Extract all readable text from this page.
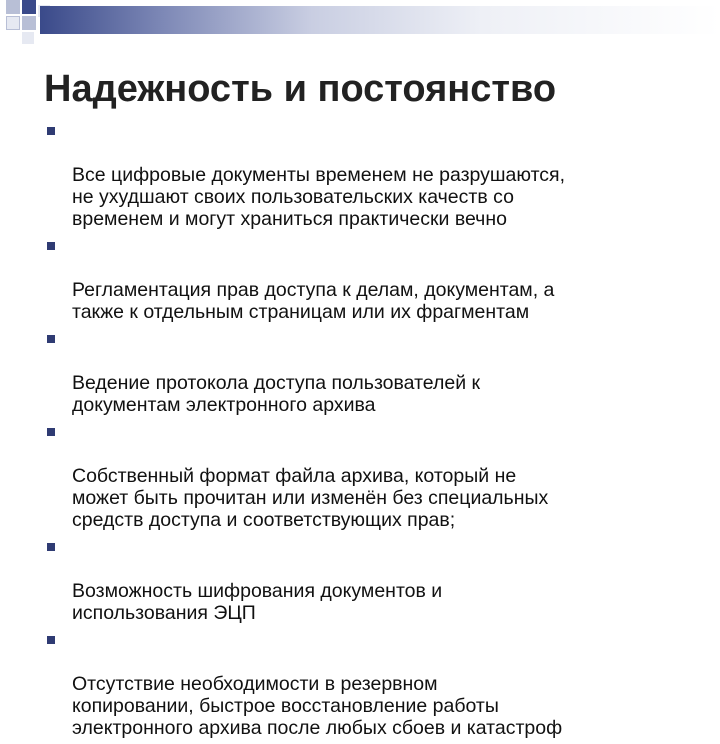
Надежность и постоянство

Все цифровые документы временем не разрушаются,
не ухудшают своих пользовательских качеств со
временем и могут храниться практически вечно

Регламентация прав доступа к делам, документам, а
также к отдельным страницам или их фрагментам

Ведение протокола доступа пользователей к
документам электронного архива

Собственный формат файла архива, который не
может быть прочитан или изменён без специальных
средств доступа и соответствующих прав;

Возможность шифрования документов и
использования ЭЦП

Отсутствие необходимости в резервном
копировании, быстрое восстановление работы
электронного архива после любых сбоев и катастроф
